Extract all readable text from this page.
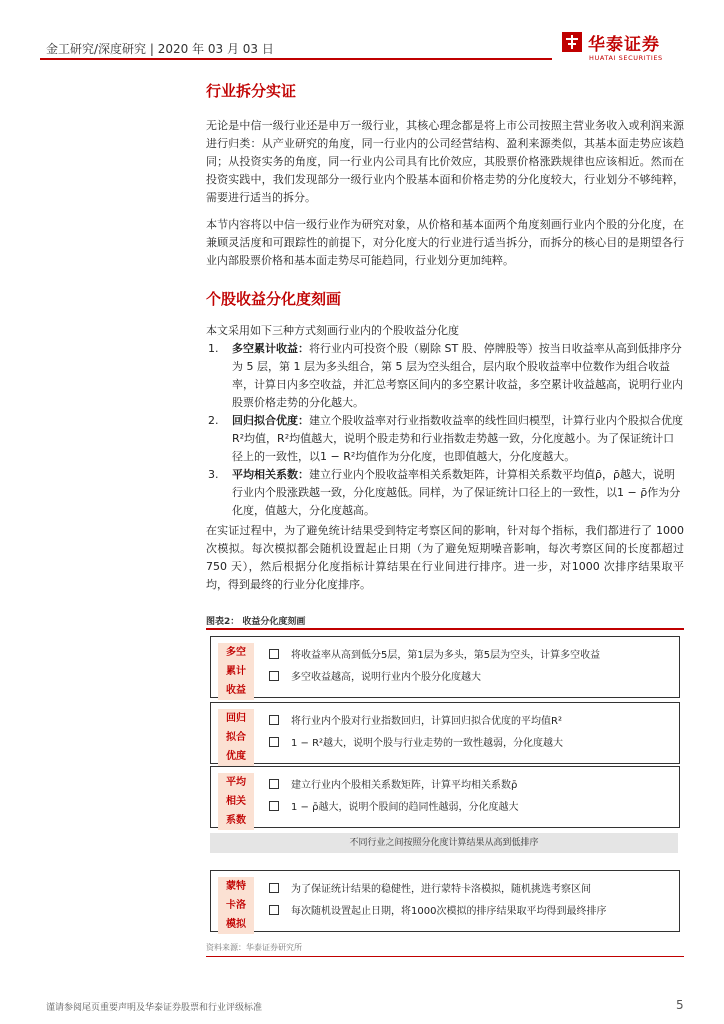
金工研究/深度研究 | 2020 年 03 月 03 日	华泰证券
HUATAI SECURITIES
行业拆分实证
无论是中信一级行业还是申万一级行业，其核心理念都是将上市公司按照主营业务收入或利润来源进行归类：从产业研究的角度，同一行业内的公司经营结构、盈利来源类似，其基本面走势应该趋同；从投资实务的角度，同一行业内公司具有比价效应，其股票价格涨跌规律也应该相近。然而在投资实践中，我们发现部分一级行业内个股基本面和价格走势的分化度较大，行业划分不够纯粹，需要进行适当的拆分。
本节内容将以中信一级行业作为研究对象，从价格和基本面两个角度刻画行业内个股的分化度，在兼顾灵活度和可跟踪性的前提下，对分化度大的行业进行适当拆分，而拆分的核心目的是期望各行业内部股票价格和基本面走势尽可能趋同，行业划分更加纯粹。
个股收益分化度刻画
本文采用如下三种方式刻画行业内的个股收益分化度
1. 多空累计收益：将行业内可投资个股（剔除 ST 股、停牌股等）按当日收益率从高到低排序分为 5 层，第 1 层为多头组合，第 5 层为空头组合，层内取个股收益率中位数作为组合收益率，计算日内多空收益，并汇总考察区间内的多空累计收益，多空累计收益越高，说明行业内股票价格走势的分化越大。
2. 回归拟合优度：建立个股收益率对行业指数收益率的线性回归模型，计算行业内个股拟合优度R²均值，R²均值越大，说明个股走势和行业指数走势越一致，分化度越小。为了保证统计口径上的一致性，以1 − R²均值作为分化度，也即值越大，分化度越大。
3. 平均相关系数：建立行业内个股收益率相关系数矩阵，计算相关系数平均值ρ̄，ρ̄越大，说明行业内个股涨跌越一致，分化度越低。同样，为了保证统计口径上的一致性，以1 − ρ̄作为分化度，值越大，分化度越高。
在实证过程中，为了避免统计结果受到特定考察区间的影响，针对每个指标，我们都进行了 1000 次模拟。每次模拟都会随机设置起止日期（为了避免短期噪音影响，每次考察区间的长度都超过 750 天），然后根据分化度指标计算结果在行业间进行排序。进一步，对1000 次排序结果取平均，得到最终的行业分化度排序。
图表2： 收益分化度刻画
多空
累计
收益
将收益率从高到低分5层，第1层为多头，第5层为空头，计算多空收益
多空收益越高，说明行业内个股分化度越大
回归
拟合
优度
将行业内个股对行业指数回归，计算回归拟合优度的平均值R²
1 − R²越大，说明个股与行业走势的一致性越弱，分化度越大
平均
相关
系数
建立行业内个股相关系数矩阵，计算平均相关系数ρ̄
1 − ρ̄越大，说明个股间的趋同性越弱，分化度越大
不同行业之间按照分化度计算结果从高到低排序
蒙特
卡洛
模拟
为了保证统计结果的稳健性，进行蒙特卡洛模拟，随机挑选考察区间
每次随机设置起止日期，将1000次模拟的排序结果取平均得到最终排序
资料来源：华泰证券研究所
谨请参阅尾页重要声明及华泰证券股票和行业评级标准	5
